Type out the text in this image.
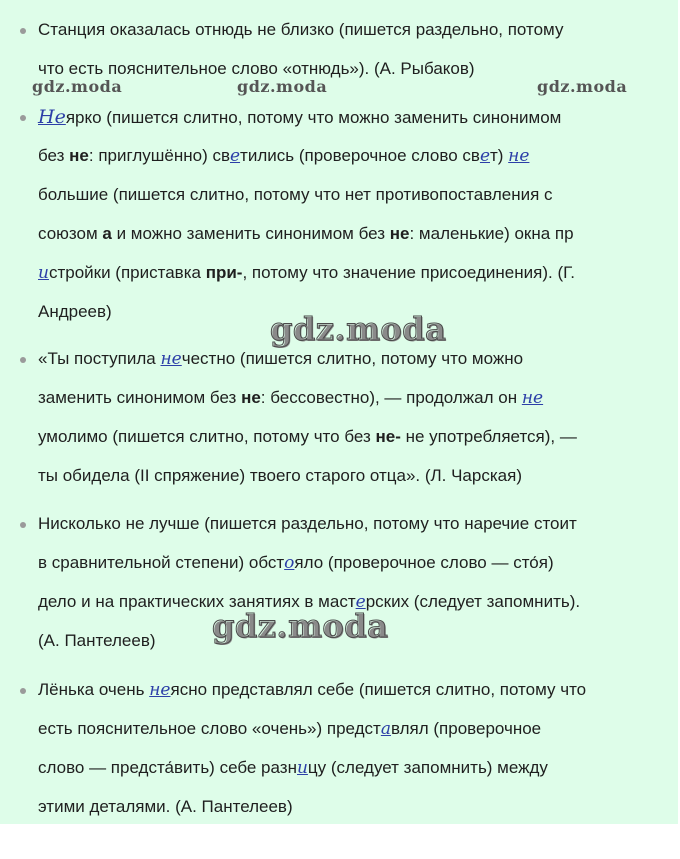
Станция оказалась отнюдь не близко (пишется раздельно, потому
что есть пояснительное слово «отнюдь»). (А. Рыбаков)
Неярко (пишется слитно, потому что можно заменить синонимом
без не: приглушённо) светились (проверочное слово свет) не
большие (пишется слитно, потому что нет противопоставления с
союзом а и можно заменить синонимом без не: маленькие) окна пр
истройки (приставка при-, потому что значение присоединения). (Г.
Андреев)
«Ты поступила нечестно (пишется слитно, потому что можно
заменить синонимом без не: бессовестно), — продолжал он не
умолимо (пишется слитно, потому что без не- не употребляется), —
ты обидела (II спряжение) твоего старого отца». (Л. Чарская)
Нисколько не лучше (пишется раздельно, потому что наречие стоит
в сравнительной степени) обстояло (проверочное слово — сто́я)
дело и на практических занятиях в мастерских (следует запомнить).
(А. Пантелеев)
Лёнька очень неясно представлял себе (пишется слитно, потому что
есть пояснительное слово «очень») представлял (проверочное
слово — предста́вить) себе разницу (следует запомнить) между
этими деталями. (А. Пантелеев)
gdz.moda	gdz.moda	gdz.moda
gdz.moda
gdz.moda
